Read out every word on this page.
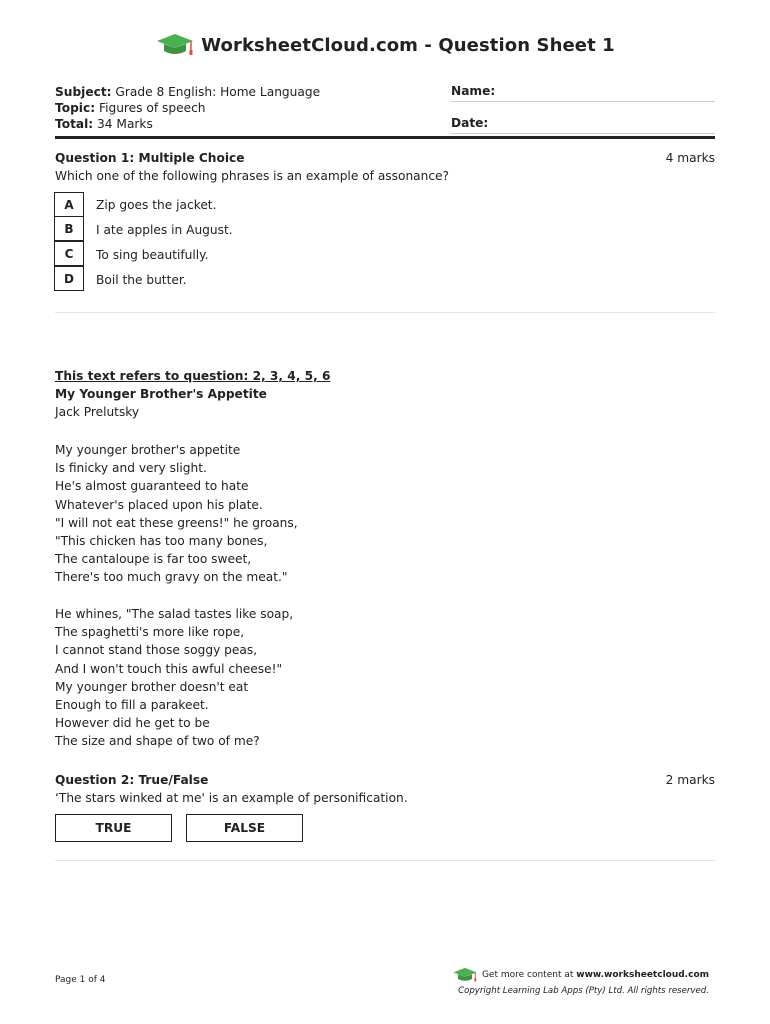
WorksheetCloud.com - Question Sheet 1
Subject: Grade 8 English: Home Language
Topic: Figures of speech
Total: 34 Marks
Name:
Date:
Question 1: Multiple Choice	4 marks
Which one of the following phrases is an example of assonance?
A	Zip goes the jacket.
B	I ate apples in August.
C	To sing beautifully.
D	Boil the butter.
This text refers to question: 2, 3, 4, 5, 6
My Younger Brother's Appetite
Jack Prelutsky
My younger brother's appetite
Is finicky and very slight.
He's almost guaranteed to hate
Whatever's placed upon his plate.
"I will not eat these greens!" he groans,
"This chicken has too many bones,
The cantaloupe is far too sweet,
There's too much gravy on the meat."
He whines, "The salad tastes like soap,
The spaghetti's more like rope,
I cannot stand those soggy peas,
And I won't touch this awful cheese!"
My younger brother doesn't eat
Enough to fill a parakeet.
However did he get to be
The size and shape of two of me?
Question 2: True/False	2 marks
‘The stars winked at me' is an example of personification.
TRUE	FALSE
Page 1 of 4	Get more content at
www.worksheetcloud.com
Copyright Learning Lab Apps (Pty) Ltd. All rights reserved.
